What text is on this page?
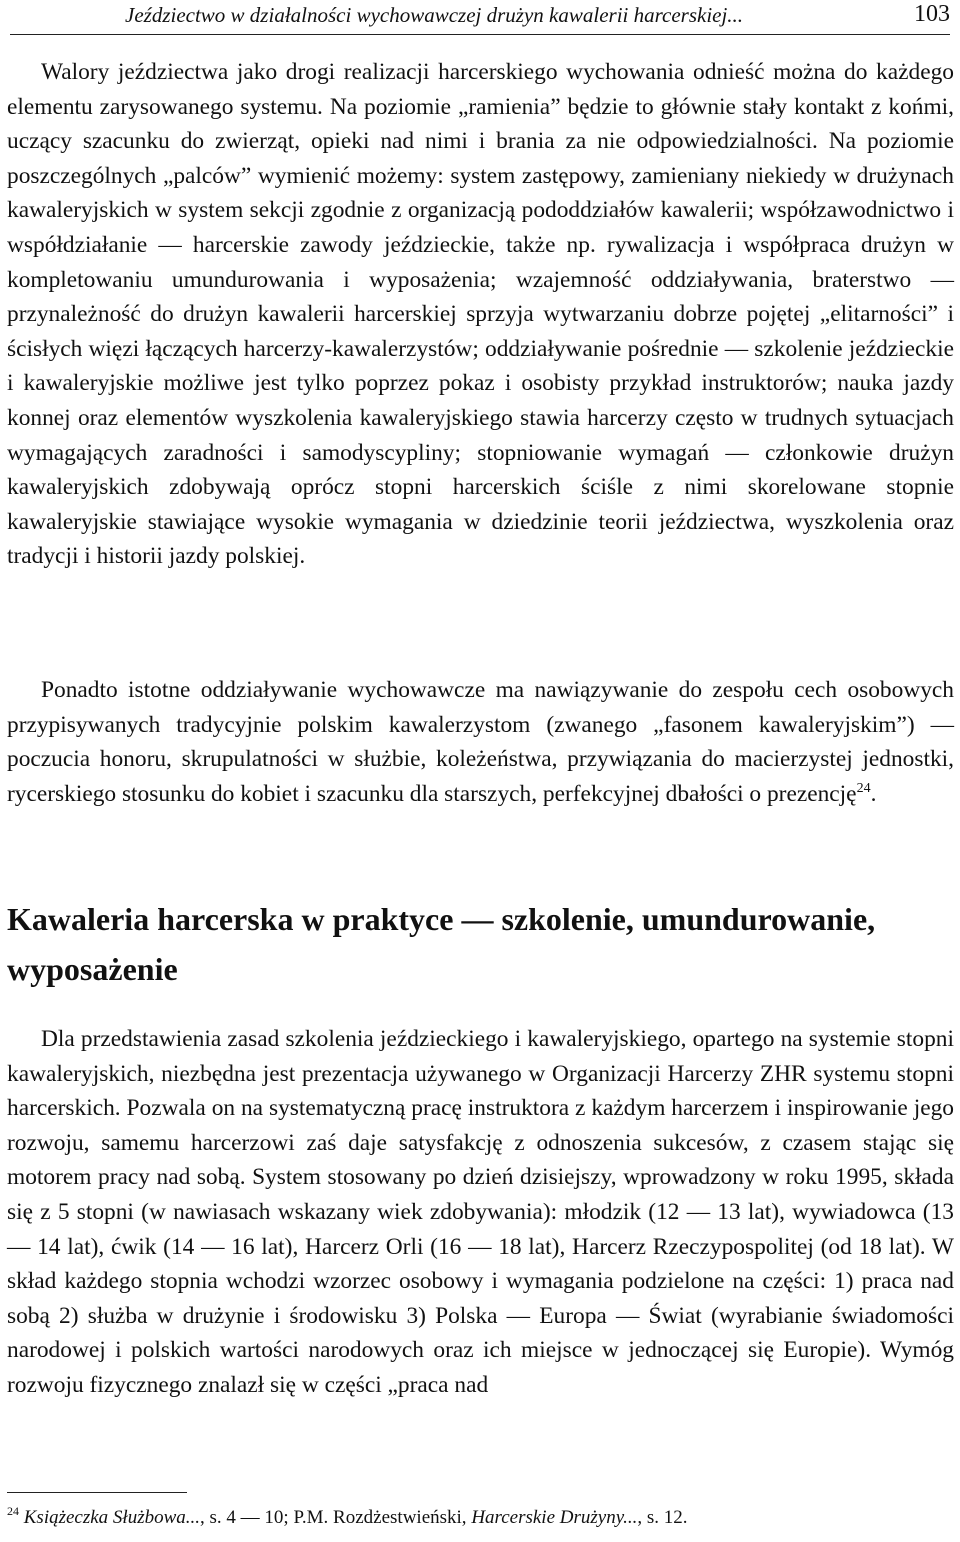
Jeździectwo w działalności wychowawczej drużyn kawalerii harcerskiej...	103

Walory jeździectwa jako drogi realizacji harcerskiego wychowania odnieść można do każdego elementu zarysowanego systemu. Na poziomie „ramienia” będzie to głównie stały kontakt z końmi, uczący szacunku do zwierząt, opieki nad nimi i brania za nie odpowiedzialności. Na poziomie poszczególnych „palców” wymienić możemy: system zastępowy, zamieniany niekiedy w drużynach kawaleryjskich w system sekcji zgodnie z organizacją pododdziałów kawalerii; współzawodnictwo i współdziałanie — harcerskie zawody jeździeckie, także np. rywalizacja i współpraca drużyn w kompletowaniu umundurowania i wyposażenia; wzajemność oddziaływania, braterstwo — przynależność do drużyn kawalerii harcerskiej sprzyja wytwarzaniu dobrze pojętej „elitarności” i ścisłych więzi łączących harcerzy-kawalerzystów; oddziaływanie pośrednie — szkolenie jeździeckie i kawaleryjskie możliwe jest tylko poprzez pokaz i osobisty przykład instruktorów; nauka jazdy konnej oraz elementów wyszkolenia kawaleryjskiego stawia harcerzy często w trudnych sytuacjach wymagających zaradności i samodyscypliny; stopniowanie wymagań — członkowie drużyn kawaleryjskich zdobywają oprócz stopni harcerskich ściśle z nimi skorelowane stopnie kawaleryjskie stawiające wysokie wymagania w dziedzinie teorii jeździectwa, wyszkolenia oraz tradycji i historii jazdy polskiej.

Ponadto istotne oddziaływanie wychowawcze ma nawiązywanie do zespołu cech osobowych przypisywanych tradycyjnie polskim kawalerzystom (zwanego „fasonem kawaleryjskim”) — poczucia honoru, skrupulatności w służbie, koleżeństwa, przywiązania do macierzystej jednostki, rycerskiego stosunku do kobiet i szacunku dla starszych, perfekcyjnej dbałości o prezencję$^{24}$.

Kawaleria harcerska w praktyce — szkolenie, umundurowanie, wyposażenie

Dla przedstawienia zasad szkolenia jeździeckiego i kawaleryjskiego, opartego na systemie stopni kawaleryjskich, niezbędna jest prezentacja używanego w Organizacji Harcerzy ZHR systemu stopni harcerskich. Pozwala on na systematyczną pracę instruktora z każdym harcerzem i inspirowanie jego rozwoju, samemu harcerzowi zaś daje satysfakcję z odnoszenia sukcesów, z czasem stając się motorem pracy nad sobą. System stosowany po dzień dzisiejszy, wprowadzony w roku 1995, składa się z 5 stopni (w nawiasach wskazany wiek zdobywania): młodzik (12 — 13 lat), wywiadowca (13 — 14 lat), ćwik (14 — 16 lat), Harcerz Orli (16 — 18 lat), Harcerz Rzeczypospolitej (od 18 lat). W skład każdego stopnia wchodzi wzorzec osobowy i wymagania podzielone na części: 1) praca nad sobą 2) służba w drużynie i środowisku 3) Polska — Europa — Świat (wyrabianie świadomości narodowej i polskich wartości narodowych oraz ich miejsce w jednoczącej się Europie). Wymóg rozwoju fizycznego znalazł się w części „praca nad

$^{24}$ Książeczka Służbowa..., s. 4 — 10; P.M. Rozdżestwieński, Harcerskie Drużyny..., s. 12.
